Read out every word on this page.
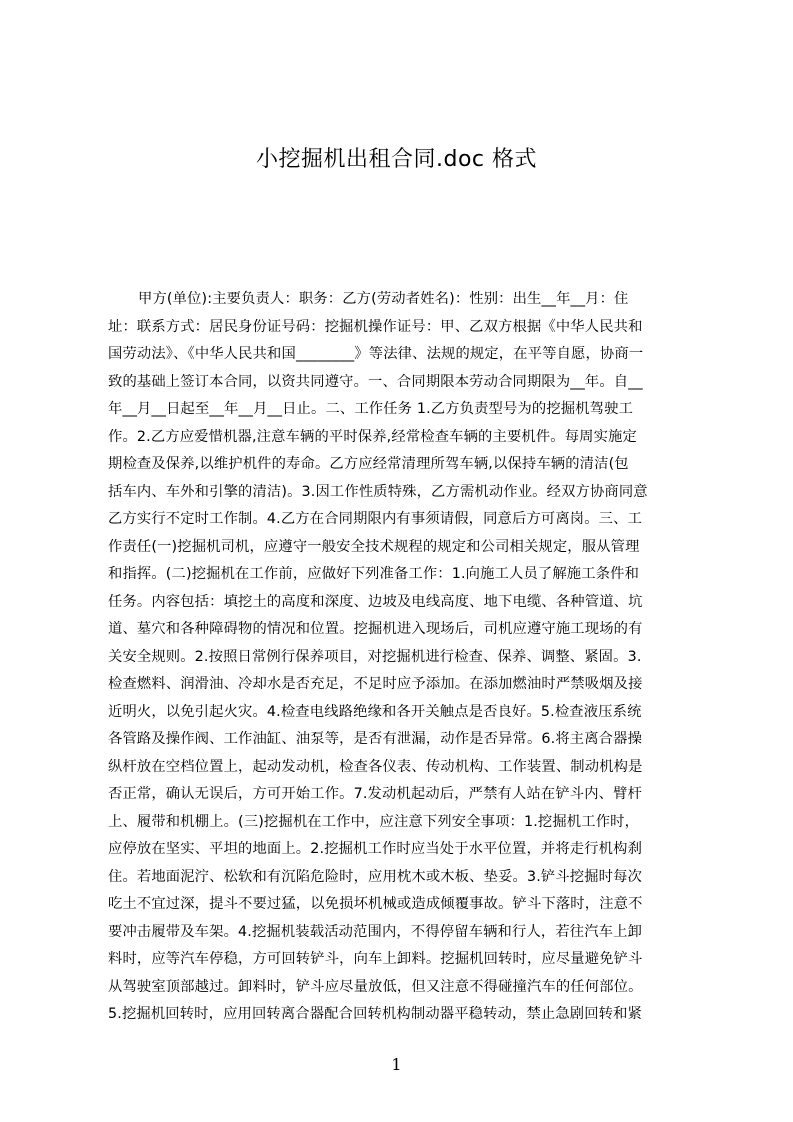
小挖掘机出租合同.doc 格式
甲方(单位):主要负责人：职务：乙方(劳动者姓名)：性别：出生__年__月：住
址：联系方式：居民身份证号码：挖掘机操作证号：甲、乙双方根据《中华人民共和
国劳动法》、《中华人民共和国________》等法律、法规的规定，在平等自愿，协商一
致的基础上签订本合同，以资共同遵守。一、合同期限本劳动合同期限为__年。自__
年__月__日起至__年__月__日止。二、工作任务 1.乙方负责型号为的挖掘机驾驶工
作。2.乙方应爱惜机器,注意车辆的平时保养,经常检查车辆的主要机件。每周实施定
期检查及保养,以维护机件的寿命。乙方应经常清理所驾车辆,以保持车辆的清洁(包
括车内、车外和引擎的清洁)。3.因工作性质特殊，乙方需机动作业。经双方协商同意
乙方实行不定时工作制。4.乙方在合同期限内有事须请假，同意后方可离岗。三、工
作责任(一)挖掘机司机，应遵守一般安全技术规程的规定和公司相关规定，服从管理
和指挥。(二)挖掘机在工作前，应做好下列准备工作：1.向施工人员了解施工条件和
任务。内容包括：填挖土的高度和深度、边坡及电线高度、地下电缆、各种管道、坑
道、墓穴和各种障碍物的情况和位置。挖掘机进入现场后，司机应遵守施工现场的有
关安全规则。2.按照日常例行保养项目，对挖掘机进行检查、保养、调整、紧固。3.
检查燃料、润滑油、冷却水是否充足，不足时应予添加。在添加燃油时严禁吸烟及接
近明火，以免引起火灾。4.检查电线路绝缘和各开关触点是否良好。5.检查液压系统
各管路及操作阀、工作油缸、油泵等，是否有泄漏，动作是否异常。6.将主离合器操
纵杆放在空档位置上，起动发动机，检查各仪表、传动机构、工作装置、制动机构是
否正常，确认无误后，方可开始工作。7.发动机起动后，严禁有人站在铲斗内、臂杆
上、履带和机棚上。(三)挖掘机在工作中，应注意下列安全事项：1.挖掘机工作时，
应停放在坚实、平坦的地面上。2.挖掘机工作时应当处于水平位置，并将走行机构刹
住。若地面泥泞、松软和有沉陷危险时，应用枕木或木板、垫妥。3.铲斗挖掘时每次
吃土不宜过深，提斗不要过猛，以免损坏机械或造成倾覆事故。铲斗下落时，注意不
要冲击履带及车架。4.挖掘机装载活动范围内，不得停留车辆和行人，若往汽车上卸
料时，应等汽车停稳，方可回转铲斗，向车上卸料。挖掘机回转时，应尽量避免铲斗
从驾驶室顶部越过。卸料时，铲斗应尽量放低，但又注意不得碰撞汽车的任何部位。
5.挖掘机回转时，应用回转离合器配合回转机构制动器平稳转动，禁止急剧回转和紧
1
